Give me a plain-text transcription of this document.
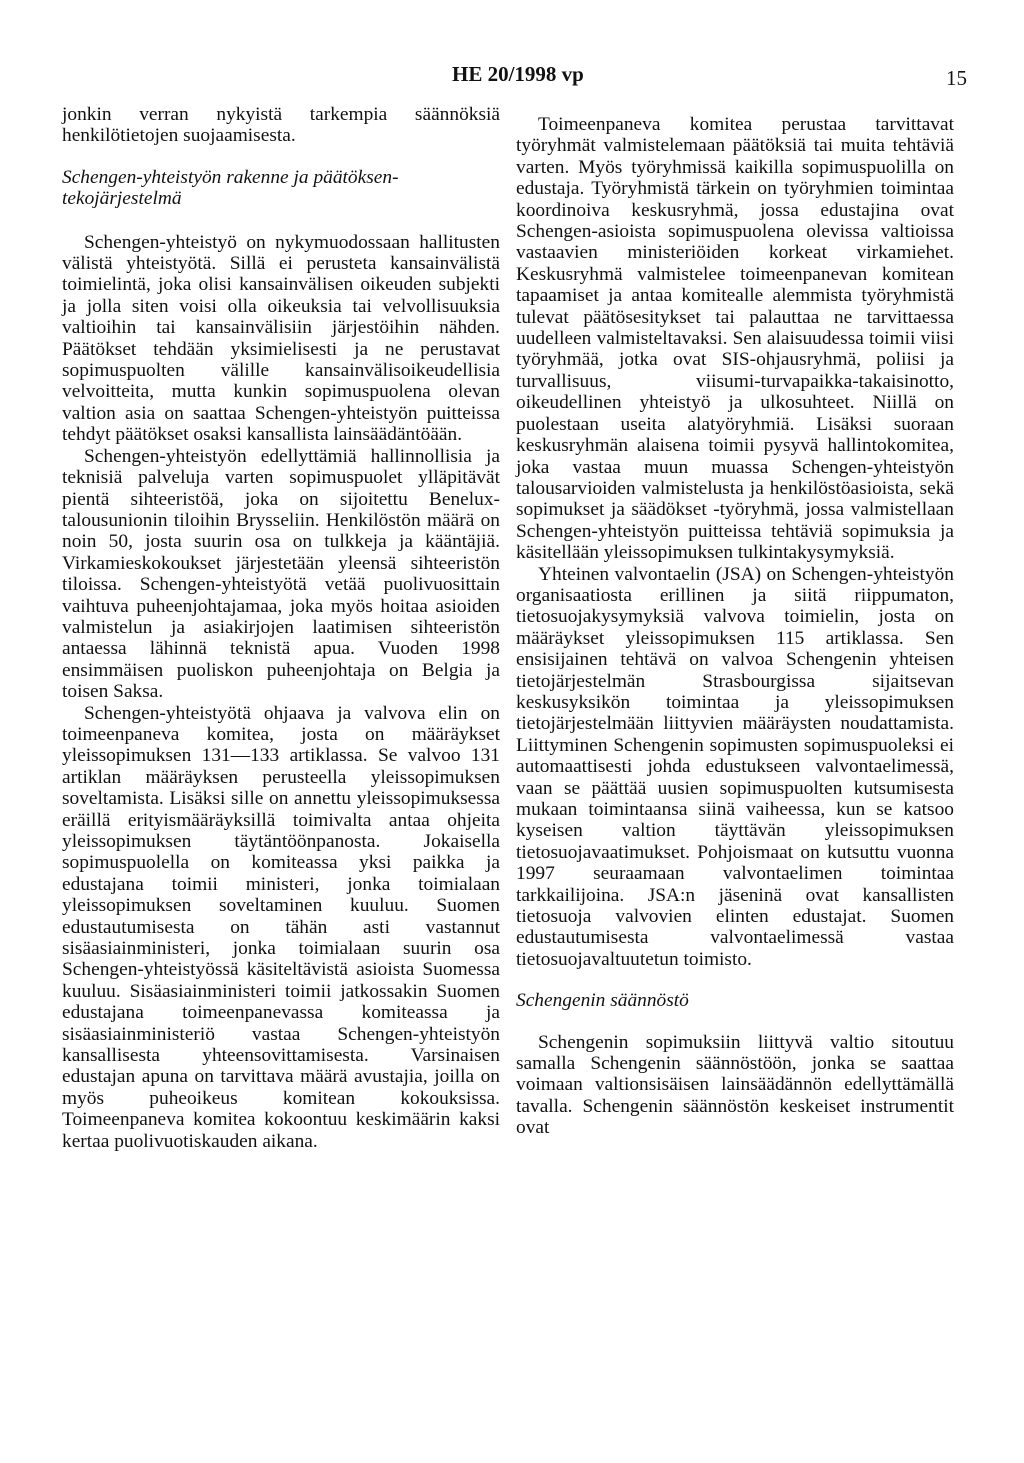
HE 20/1998 vp	15

jonkin verran nykyistä tarkempia säännöksiä henkilötietojen suojaamisesta.

Schengen-yhteistyön rakenne ja päätöksen-tekojärjestelmä

Schengen-yhteistyö on nykymuodossaan hallitusten välistä yhteistyötä. Sillä ei perusteta kansainvälistä toimielintä, joka olisi kansainvälisen oikeuden subjekti ja jolla siten voisi olla oikeuksia tai velvollisuuksia valtioihin tai kansainvälisiin järjestöihin nähden. Päätökset tehdään yksimielisesti ja ne perustavat sopimuspuolten välille kansainvälisoikeudellisia velvoitteita, mutta kunkin sopimuspuolena olevan valtion asia on saattaa Schengen-yhteistyön puitteissa tehdyt päätökset osaksi kansallista lainsäädäntöään.

Schengen-yhteistyön edellyttämiä hallinnollisia ja teknisiä palveluja varten sopimuspuolet ylläpitävät pientä sihteeristöä, joka on sijoitettu Benelux-talousunionin tiloihin Brysseliin. Henkilöstön määrä on noin 50, josta suurin osa on tulkkeja ja kääntäjiä. Virkamieskokoukset järjestetään yleensä sihteeristön tiloissa. Schengen-yhteistyötä vetää puolivuosittain vaihtuva puheenjohtajamaa, joka myös hoitaa asioiden valmistelun ja asiakirjojen laatimisen sihteeristön antaessa lähinnä teknistä apua. Vuoden 1998 ensimmäisen puoliskon puheenjohtaja on Belgia ja toisen Saksa.

Schengen-yhteistyötä ohjaava ja valvova elin on toimeenpaneva komitea, josta on määräykset yleissopimuksen 131—133 artiklassa. Se valvoo 131 artiklan määräyksen perusteella yleissopimuksen soveltamista. Lisäksi sille on annettu yleissopimuksessa eräillä erityismääräyksillä toimivalta antaa ohjeita yleissopimuksen täytäntöönpanosta. Jokaisella sopimuspuolella on komiteassa yksi paikka ja edustajana toimii ministeri, jonka toimialaan yleissopimuksen soveltaminen kuuluu. Suomen edustautumisesta on tähän asti vastannut sisäasiainministeri, jonka toimialaan suurin osa Schengen-yhteistyössä käsiteltävistä asioista Suomessa kuuluu. Sisäasiainministeri toimii jatkossakin Suomen edustajana toimeenpanevassa komiteassa ja sisäasiainministeriö vastaa Schengen-yhteistyön kansallisesta yhteensovittamisesta. Varsinaisen edustajan apuna on tarvittava määrä avustajia, joilla on myös puheoikeus komitean kokouksissa. Toimeenpaneva komitea kokoontuu keskimäärin kaksi kertaa puolivuotiskauden aikana.

Toimeenpaneva komitea perustaa tarvittavat työryhmät valmistelemaan päätöksiä tai muita tehtäviä varten. Myös työryhmissä kaikilla sopimuspuolilla on edustaja. Työryhmistä tärkein on työryhmien toimintaa koordinoiva keskusryhmä, jossa edustajina ovat Schengen-asioista sopimuspuolena olevissa valtioissa vastaavien ministeriöiden korkeat virkamiehet. Keskusryhmä valmistelee toimeenpanevan komitean tapaamiset ja antaa komitealle alemmista työryhmistä tulevat päätösesitykset tai palauttaa ne tarvittaessa uudelleen valmisteltavaksi. Sen alaisuudessa toimii viisi työryhmää, jotka ovat SIS-ohjausryhmä, poliisi ja turvallisuus, viisumi-turvapaikka-takaisinotto, oikeudellinen yhteistyö ja ulkosuhteet. Niillä on puolestaan useita alatyöryhmiä. Lisäksi suoraan keskusryhmän alaisena toimii pysyvä hallintokomitea, joka vastaa muun muassa Schengen-yhteistyön talousarvioiden valmistelusta ja henkilöstöasioista, sekä sopimukset ja säädökset -työryhmä, jossa valmistellaan Schengen-yhteistyön puitteissa tehtäviä sopimuksia ja käsitellään yleissopimuksen tulkintakysymyksiä.

Yhteinen valvontaelin (JSA) on Schengen-yhteistyön organisaatiosta erillinen ja siitä riippumaton, tietosuojakysymyksiä valvova toimielin, josta on määräykset yleissopimuksen 115 artiklassa. Sen ensisijainen tehtävä on valvoa Schengenin yhteisen tietojärjestelmän Strasbourgissa sijaitsevan keskusyksikön toimintaa ja yleissopimuksen tietojärjestelmään liittyvien määräysten noudattamista. Liittyminen Schengenin sopimusten sopimuspuoleksi ei automaattisesti johda edustukseen valvontaelimessä, vaan se päättää uusien sopimuspuolten kutsumisesta mukaan toimintaansa siinä vaiheessa, kun se katsoo kyseisen valtion täyttävän yleissopimuksen tietosuojavaatimukset. Pohjoismaat on kutsuttu vuonna 1997 seuraamaan valvontaelimen toimintaa tarkkailijoina. JSA:n jäseninä ovat kansallisten tietosuoja valvovien elinten edustajat. Suomen edustautumisesta valvontaelimessä vastaa tietosuojavaltuutetun toimisto.

Schengenin säännöstö

Schengenin sopimuksiin liittyvä valtio sitoutuu samalla Schengenin säännöstöön, jonka se saattaa voimaan valtionsisäisen lainsäädännön edellyttämällä tavalla. Schengenin säännöstön keskeiset instrumentit ovat
